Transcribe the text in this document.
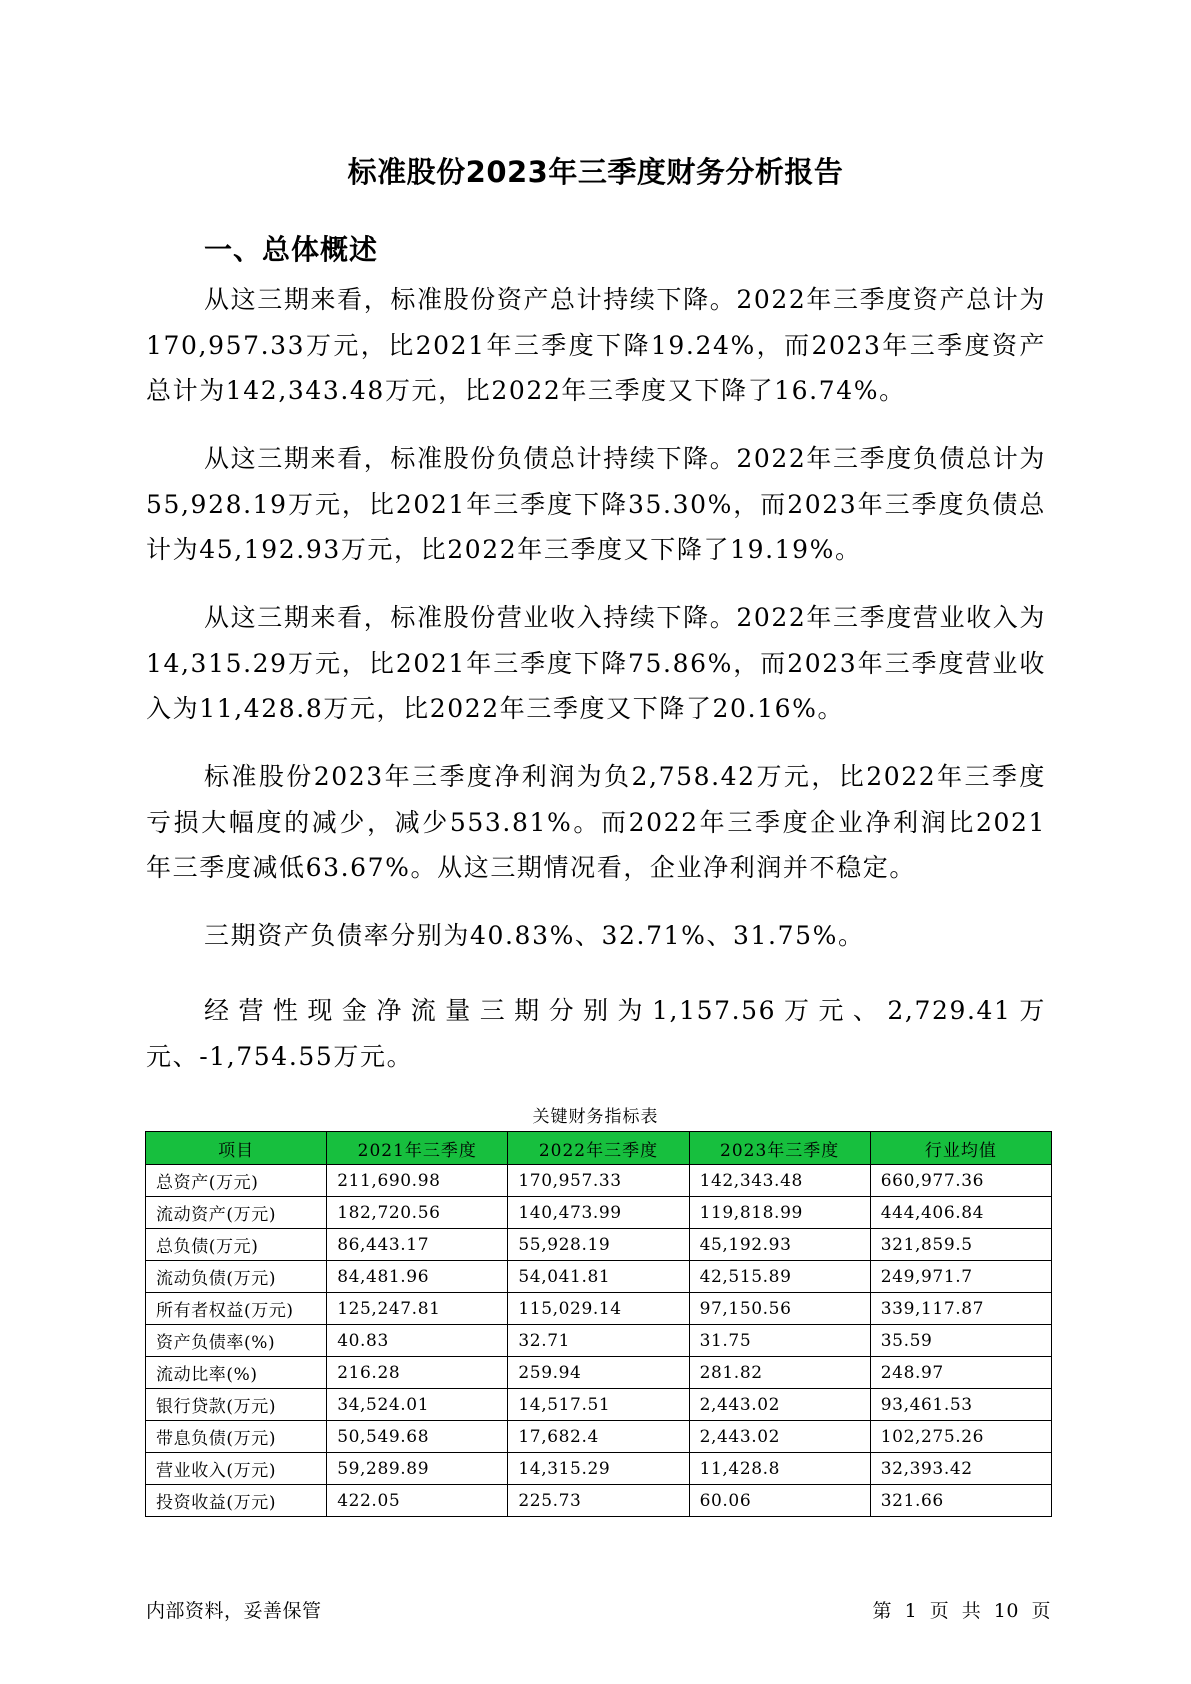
标准股份2023年三季度财务分析报告
一、总体概述

从这三期来看，标准股份资产总计持续下降。2022年三季度资产总计为170,957.33万元，比2021年三季度下降19.24%，而2023年三季度资产总计为142,343.48万元，比2022年三季度又下降了16.74%。

从这三期来看，标准股份负债总计持续下降。2022年三季度负债总计为55,928.19万元，比2021年三季度下降35.30%，而2023年三季度负债总计为45,192.93万元，比2022年三季度又下降了19.19%。

从这三期来看，标准股份营业收入持续下降。2022年三季度营业收入为14,315.29万元，比2021年三季度下降75.86%，而2023年三季度营业收入为11,428.8万元，比2022年三季度又下降了20.16%。

标准股份2023年三季度净利润为负2,758.42万元，比2022年三季度亏损大幅度的减少，减少553.81%。而2022年三季度企业净利润比2021年三季度减低63.67%。从这三期情况看，企业净利润并不稳定。

三期资产负债率分别为40.83%、32.71%、31.75%。

经营性现金净流量三期分别为1,157.56万元、2,729.41万元、-1,754.55万元。

关键财务指标表
项目	2021年三季度	2022年三季度	2023年三季度	行业均值
总资产(万元)	211,690.98	170,957.33	142,343.48	660,977.36
流动资产(万元)	182,720.56	140,473.99	119,818.99	444,406.84
总负债(万元)	86,443.17	55,928.19	45,192.93	321,859.5
流动负债(万元)	84,481.96	54,041.81	42,515.89	249,971.7
所有者权益(万元)	125,247.81	115,029.14	97,150.56	339,117.87
资产负债率(%)	40.83	32.71	31.75	35.59
流动比率(%)	216.28	259.94	281.82	248.97
银行贷款(万元)	34,524.01	14,517.51	2,443.02	93,461.53
带息负债(万元)	50,549.68	17,682.4	2,443.02	102,275.26
营业收入(万元)	59,289.89	14,315.29	11,428.8	32,393.42
投资收益(万元)	422.05	225.73	60.06	321.66
内部资料，妥善保管	第 1 页 共 10 页
